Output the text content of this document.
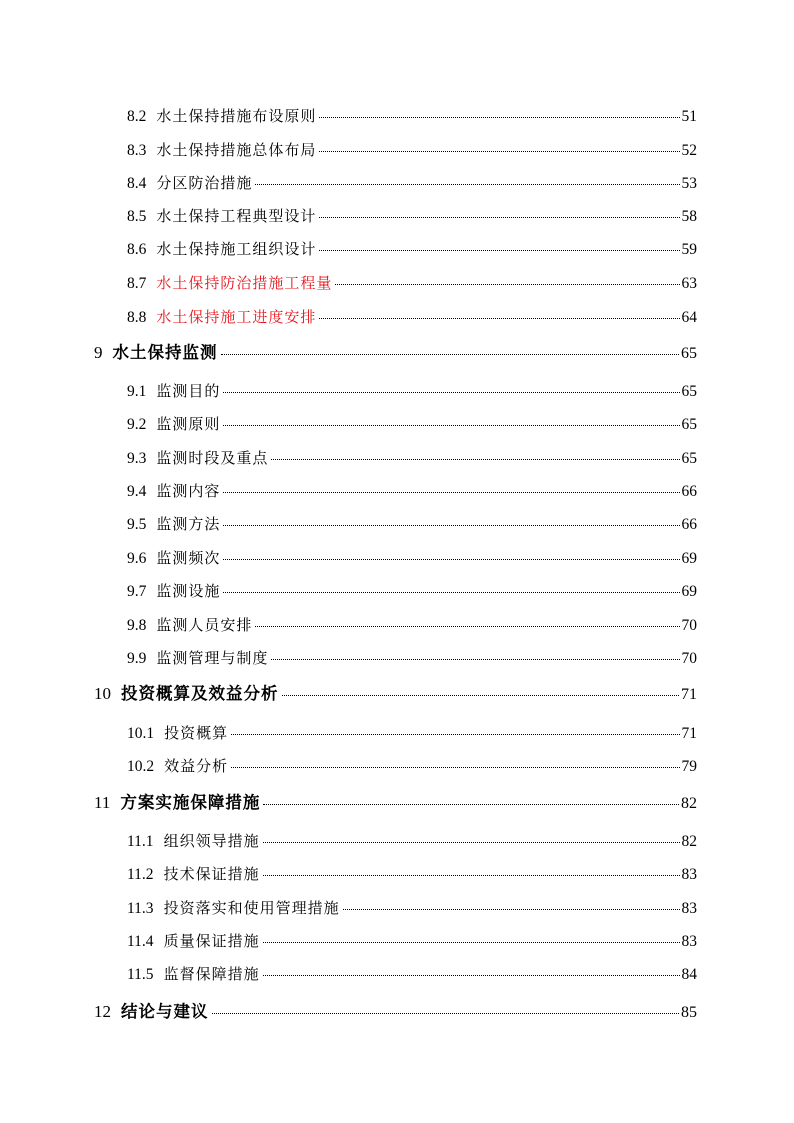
8.2 水土保持措施布设原则	51
8.3 水土保持措施总体布局	52
8.4 分区防治措施	53
8.5 水土保持工程典型设计	58
8.6 水土保持施工组织设计	59
8.7 水土保持防治措施工程量	63
8.8 水土保持施工进度安排	64
9 水土保持监测	65
9.1 监测目的	65
9.2 监测原则	65
9.3 监测时段及重点	65
9.4 监测内容	66
9.5 监测方法	66
9.6 监测频次	69
9.7 监测设施	69
9.8 监测人员安排	70
9.9 监测管理与制度	70
10 投资概算及效益分析	71
10.1 投资概算	71
10.2 效益分析	79
11 方案实施保障措施	82
11.1 组织领导措施	82
11.2 技术保证措施	83
11.3 投资落实和使用管理措施	83
11.4 质量保证措施	83
11.5 监督保障措施	84
12 结论与建议	85
